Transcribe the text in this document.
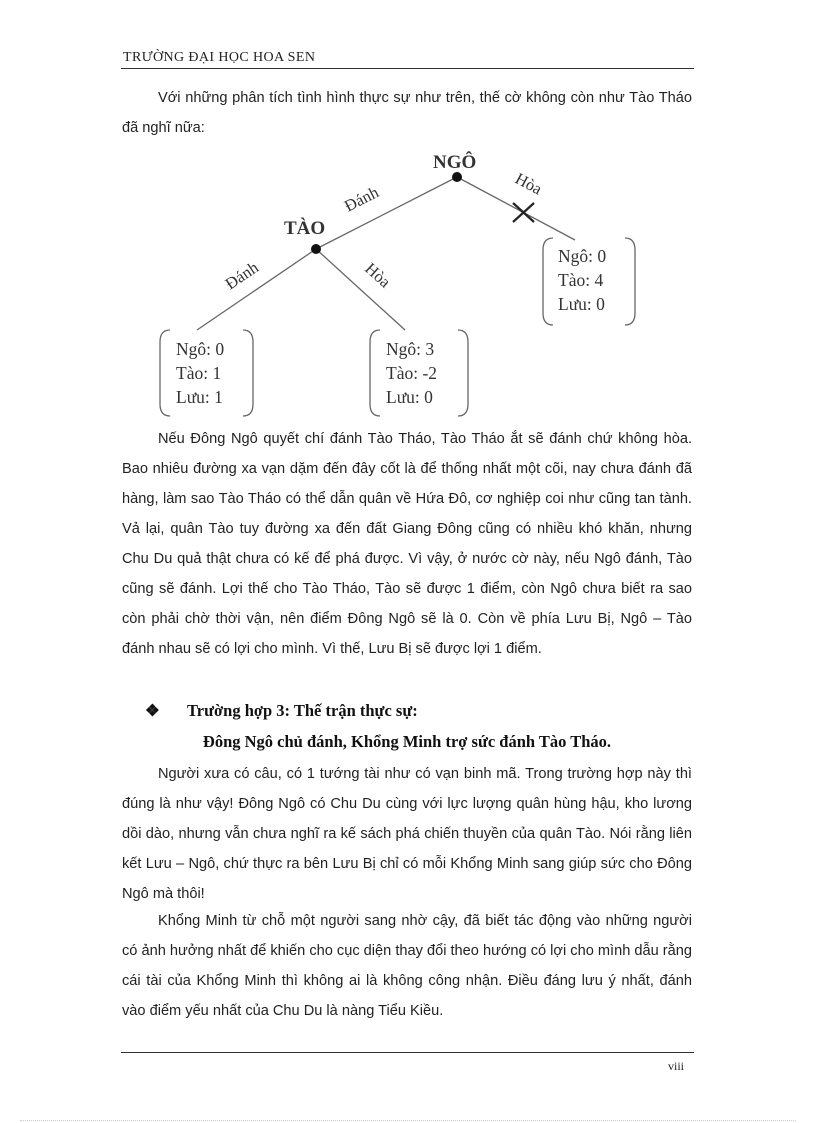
TRƯỜNG ĐẠI HỌC HOA SEN

Với những phân tích tình hình thực sự như trên, thế cờ không còn như Tào Tháo đã nghĩ nữa:

NGÔ
TÀO
Đánh	Hòa
Đánh	Hòa
Ngô: 0
Tào: 1
Lưu: 1
Ngô: 3
Tào: -2
Lưu: 0
Ngô: 0
Tào: 4
Lưu: 0

Nếu Đông Ngô quyết chí đánh Tào Tháo, Tào Tháo ắt sẽ đánh chứ không hòa. Bao nhiêu đường xa vạn dặm đến đây cốt là để thống nhất một cõi, nay chưa đánh đã hàng, làm sao Tào Tháo có thể dẫn quân về Hứa Đô, cơ nghiệp coi như cũng tan tành. Vả lại, quân Tào tuy đường xa đến đất Giang Đông cũng có nhiều khó khăn, nhưng Chu Du quả thật chưa có kế để phá được. Vì vậy, ở nước cờ này, nếu Ngô đánh, Tào cũng sẽ đánh. Lợi thế cho Tào Tháo, Tào sẽ được 1 điểm, còn Ngô chưa biết ra sao còn phải chờ thời vận, nên điểm Đông Ngô sẽ là 0. Còn về phía Lưu Bị, Ngô – Tào đánh nhau sẽ có lợi cho mình. Vì thế, Lưu Bị sẽ được lợi 1 điểm.

❖ Trường hợp 3: Thế trận thực sự:
Đông Ngô chủ đánh, Khổng Minh trợ sức đánh Tào Tháo.

Người xưa có câu, có 1 tướng tài như có vạn binh mã. Trong trường hợp này thì đúng là như vậy! Đông Ngô có Chu Du cùng với lực lượng quân hùng hậu, kho lương dồi dào, nhưng vẫn chưa nghĩ ra kế sách phá chiến thuyền của quân Tào. Nói rằng liên kết Lưu – Ngô, chứ thực ra bên Lưu Bị chỉ có mỗi Khổng Minh sang giúp sức cho Đông Ngô mà thôi!

Khổng Minh từ chỗ một người sang nhờ cậy, đã biết tác động vào những người có ảnh hưởng nhất để khiến cho cục diện thay đổi theo hướng có lợi cho mình dẫu rằng cái tài của Khổng Minh thì không ai là không công nhận. Điều đáng lưu ý nhất, đánh vào điểm yếu nhất của Chu Du là nàng Tiểu Kiều.

viii
